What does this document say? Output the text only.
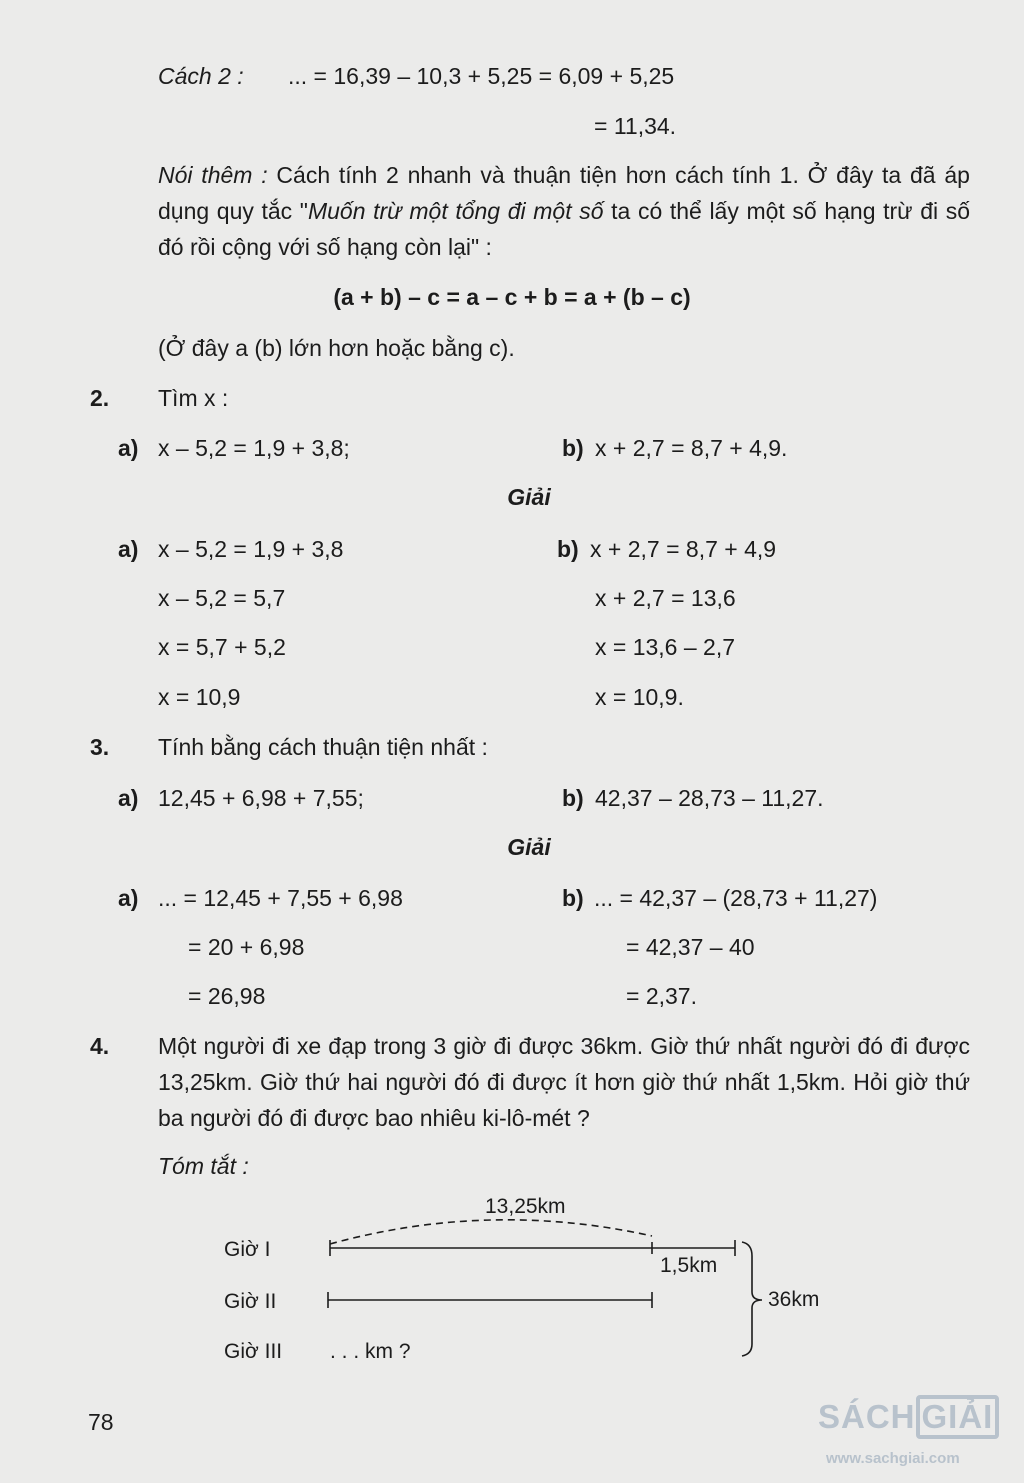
Cách 2 : ... = 16,39 – 10,3 + 5,25 = 6,09 + 5,25
= 11,34.
Nói thêm : Cách tính 2 nhanh và thuận tiện hơn cách tính 1. Ở đây ta đã áp dụng quy tắc "Muốn trừ một tổng đi một số ta có thể lấy một số hạng trừ đi số đó rồi cộng với số hạng còn lại" :
(a + b) – c = a – c + b = a + (b – c)
(Ở đây a (b) lớn hơn hoặc bằng c).
2. Tìm x :
a) x – 5,2 = 1,9 + 3,8;	b) x + 2,7 = 8,7 + 4,9.
Giải
a) x – 5,2 = 1,9 + 3,8
x – 5,2 = 5,7
x = 5,7 + 5,2
x = 10,9
b) x + 2,7 = 8,7 + 4,9
x + 2,7 = 13,6
x = 13,6 – 2,7
x = 10,9.
3. Tính bằng cách thuận tiện nhất :
a) 12,45 + 6,98 + 7,55;	b) 42,37 – 28,73 – 11,27.
Giải
a) ... = 12,45 + 7,55 + 6,98
= 20 + 6,98
= 26,98
b) ... = 42,37 – (28,73 + 11,27)
= 42,37 – 40
= 2,37.
4. Một người đi xe đạp trong 3 giờ đi được 36km. Giờ thứ nhất người đó đi được 13,25km. Giờ thứ hai người đó đi được ít hơn giờ thứ nhất 1,5km. Hỏi giờ thứ ba người đó đi được bao nhiêu ki-lô-mét ?
Tóm tắt :
13,25km
Giờ I
Giờ II
Giờ III
1,5km
36km
. . . km ?
78	SÁCH GIẢI
www.sachgiai.com
